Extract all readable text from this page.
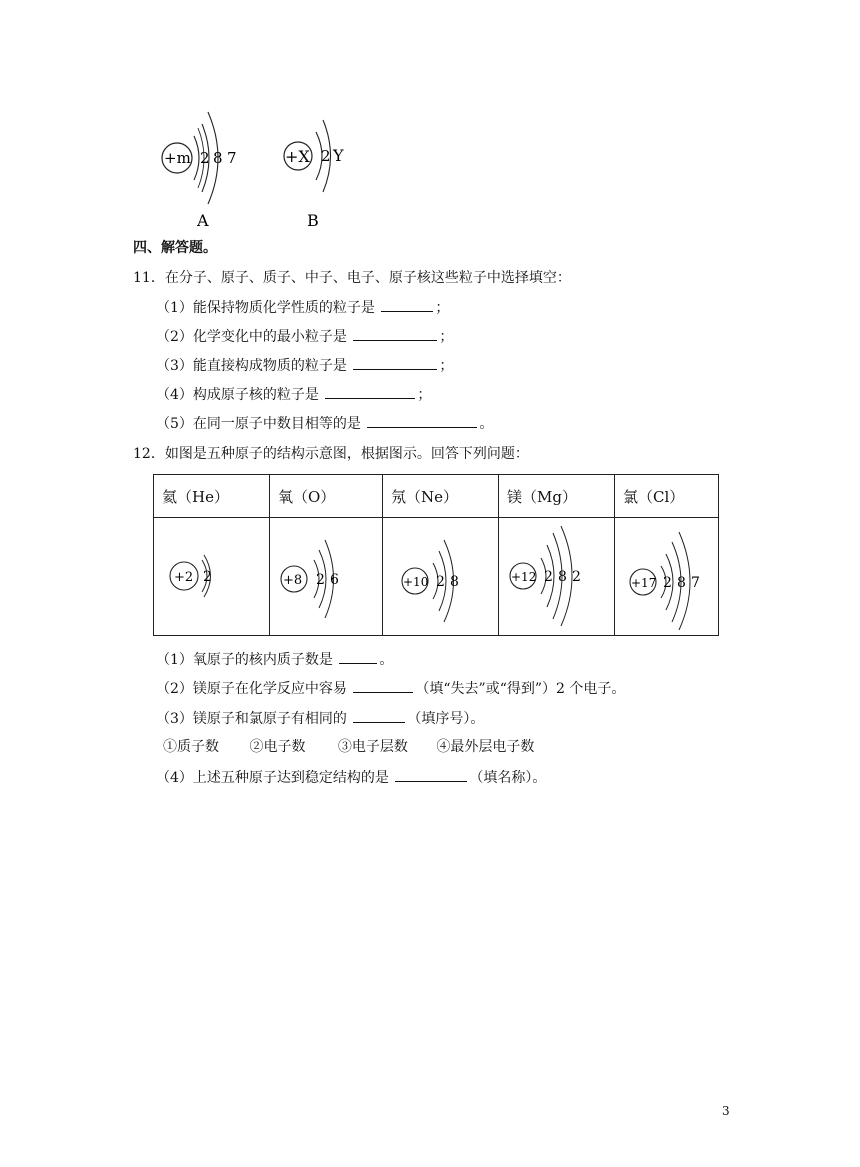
+m 2 8 7
A
+X 2 Y
B
四、解答题。
11．在分子、原子、质子、中子、电子、原子核这些粒子中选择填空：
（1）能保持物质化学性质的粒子是	；
（2）化学变化中的最小粒子是	；
（3）能直接构成物质的粒子是	；
（4）构成原子核的粒子是	；
（5）在同一原子中数目相等的是	。
12．如图是五种原子的结构示意图，根据图示。回答下列问题：
氦（He）	氧（O）	氖（Ne）	镁（Mg）	氯（Cl）

+2 2	+8 2 6	+10 2 8	+12 2 8 2	+17 2 8 7
（1）氧原子的核内质子数是	。
（2）镁原子在化学反应中容易	（填“失去”或“得到”）2 个电子。
（3）镁原子和氯原子有相同的	（填序号）。
①质子数 ②电子数 ③电子层数 ④最外层电子数
（4）上述五种原子达到稳定结构的是	（填名称）。
3
